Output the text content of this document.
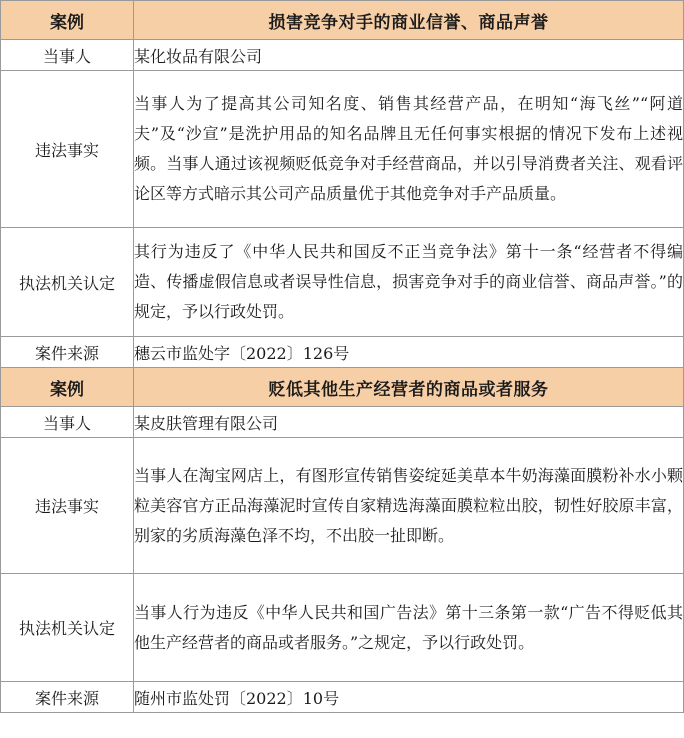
案例	损害竞争对手的商业信誉、商品声誉
当事人	某化妆品有限公司
违法事实	当事人为了提高其公司知名度、销售其经营产品，在明知“海飞丝”“阿道夫”及“沙宣”是洗护用品的知名品牌且无任何事实根据的情况下发布上述视频。当事人通过该视频贬低竞争对手经营商品，并以引导消费者关注、观看评论区等方式暗示其公司产品质量优于其他竞争对手产品质量。
执法机关认定	其行为违反了《中华人民共和国反不正当竞争法》第十一条“经营者不得编造、传播虚假信息或者误导性信息，损害竞争对手的商业信誉、商品声誉。”的规定，予以行政处罚。
案件来源	穗云市监处字〔2022〕126号
案例	贬低其他生产经营者的商品或者服务
当事人	某皮肤管理有限公司
违法事实	当事人在淘宝网店上，有图形宣传销售姿绽延美草本牛奶海藻面膜粉补水小颗粒美容官方正品海藻泥时宣传自家精选海藻面膜粒粒出胶，韧性好胶原丰富，别家的劣质海藻色泽不均，不出胶一扯即断。
执法机关认定	当事人行为违反《中华人民共和国广告法》第十三条第一款“广告不得贬低其他生产经营者的商品或者服务。”之规定，予以行政处罚。
案件来源	随州市监处罚〔2022〕10号
